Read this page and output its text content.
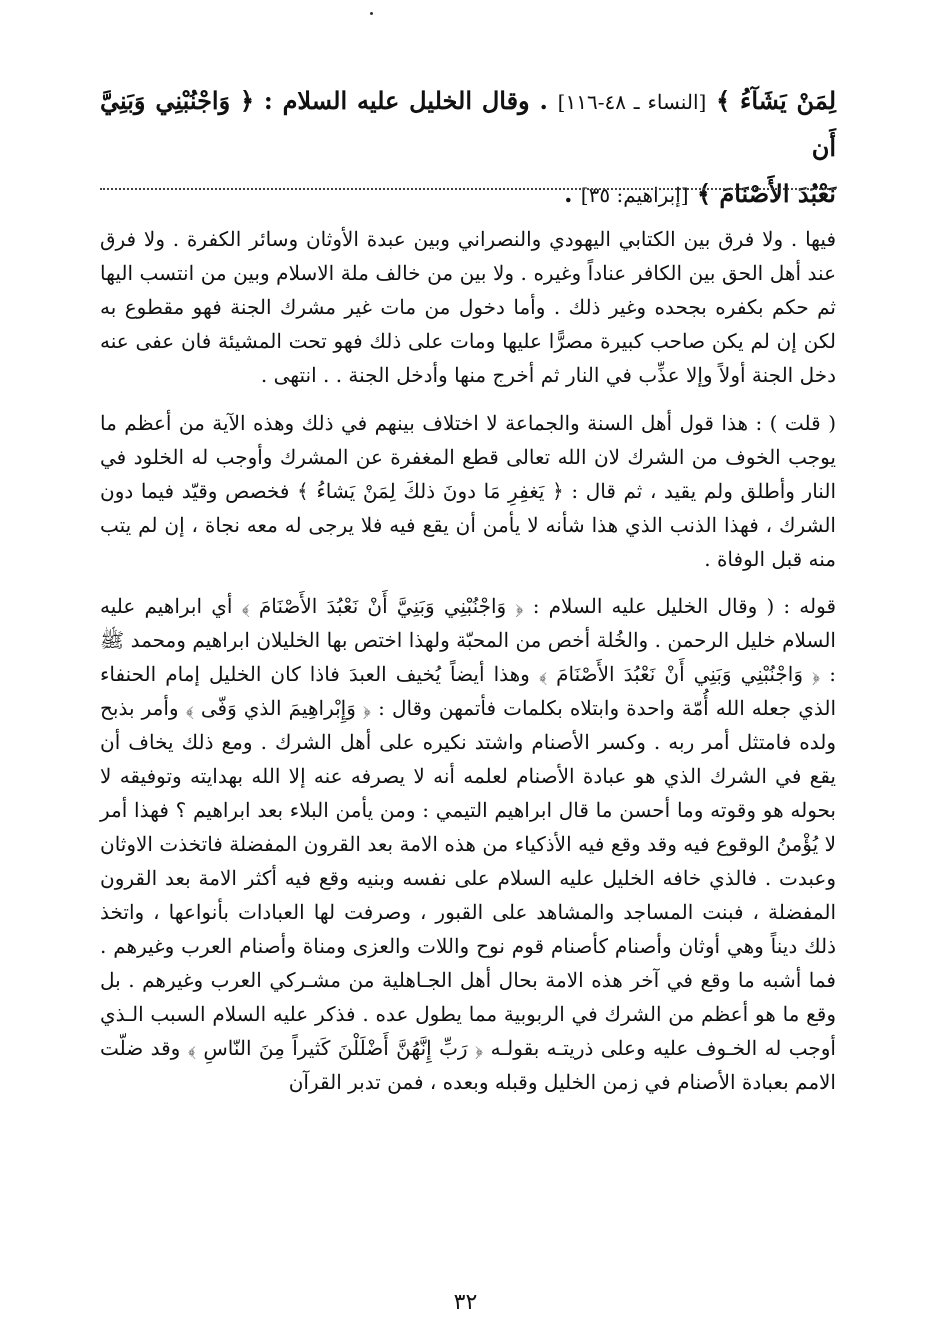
لِمَنْ يَشَآءُ ﴾ [النساء ـ ٤٨-١١٦] . وقال الخليل عليه السلام : ﴿ وَاجْنُبْنِي وَبَنِيَّ أَن
نَعْبُدَ الأَصْنَامَ ﴾ [إبراهيم: ٣٥] .

فيها . ولا فرق بين الكتابي اليهودي والنصراني وبين عبدة الأوثان وسائر الكفرة . ولا فرق عند أهل الحق بين الكافر عناداً وغيره . ولا بين من خالف ملة الاسلام وبين من انتسب اليها ثم حكم بكفره بجحده وغير ذلك . وأما دخول من مات غير مشرك الجنة فهو مقطوع به لكن إن لم يكن صاحب كبيرة مصرًّا عليها ومات على ذلك فهو تحت المشيئة فان عفى عنه دخل الجنة أولاً وإلا عذِّب في النار ثم أخرج منها وأدخل الجنة . . انتهى .

( قلت ) : هذا قول أهل السنة والجماعة لا اختلاف بينهم في ذلك وهذه الآية من أعظم ما يوجب الخوف من الشرك لان الله تعالى قطع المغفرة عن المشرك وأوجب له الخلود في النار وأطلق ولم يقيد ، ثم قال : ﴿ يَغفِرِ مَا دونَ ذلكَ لِمَنْ يَشاءُ ﴾ فخصص وقيّد فيما دون الشرك ، فهذا الذنب الذي هذا شأنه لا يأمن أن يقع فيه فلا يرجى له معه نجاة ، إن لم يتب منه قبل الوفاة .

قوله : ( وقال الخليل عليه السلام : ﴿ وَاجْنُبْنِي وَبَنِيَّ أَنْ نَعْبُدَ الأَصْنَامَ ﴾ أي ابراهيم عليه السلام خليل الرحمن . والخُلة أخص من المحبّة ولهذا اختص بها الخليلان ابراهيم ومحمد ﷺ : ﴿ وَاجْنُبْنِي وَبَنِي أَنْ نَعْبُدَ الأَصْنَامَ ﴾ وهذا أيضاً يُخيف العبدَ فاذا كان الخليل إمام الحنفاء الذي جعله الله أُمّة واحدة وابتلاه بكلمات فأتمهن وقال : ﴿ وَإِبْراهِيمَ الذي وَفّى ﴾ وأمر بذبح ولده فامتثل أمر ربه . وكسر الأصنام واشتد نكيره على أهل الشرك . ومع ذلك يخاف أن يقع في الشرك الذي هو عبادة الأصنام لعلمه أنه لا يصرفه عنه إلا الله بهدايته وتوفيقه لا بحوله هو وقوته وما أحسن ما قال ابراهيم التيمي : ومن يأمن البلاء بعد ابراهيم ؟ فهذا أمر لا يُؤْمنُ الوقوع فيه وقد وقع فيه الأذكياء من هذه الامة بعد القرون المفضلة فاتخذت الاوثان وعبدت . فالذي خافه الخليل عليه السلام على نفسه وبنيه وقع فيه أكثر الامة بعد القرون المفضلة ، فبنت المساجد والمشاهد على القبور ، وصرفت لها العبادات بأنواعها ، واتخذ ذلك ديناً وهي أوثان وأصنام كأصنام قوم نوح واللات والعزى ومناة وأصنام العرب وغيرهم . فما أشبه ما وقع في آخر هذه الامة بحال أهل الجـاهلية من مشـركي العرب وغيرهم . بل وقع ما هو أعظم من الشرك في الربوبية مما يطول عده . فذكر عليه السلام السبب الـذي أوجب له الخـوف عليه وعلى ذريتـه بقولـه ﴿ رَبِّ إِنَّهُنَّ أَضْلَلْنَ كَثيراً مِنَ النّاسِ ﴾ وقد ضلّت الامم بعبادة الأصنام في زمن الخليل وقبله وبعده ، فمن تدبر القرآن

٣٢
